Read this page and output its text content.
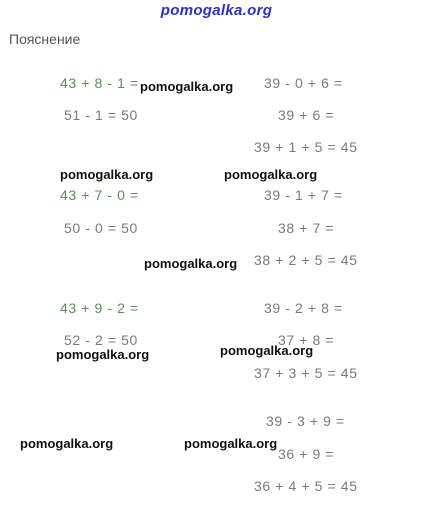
pomogalka.org
Пояснение
43 + 8 - 1 =
51 - 1 = 50
43 + 7 - 0 =
50 - 0 = 50
43 + 9 - 2 =
52 - 2 = 50
39 - 0 + 6 =
39 + 6 =
39 + 1 + 5 = 45
39 - 1 + 7 =
38 + 7 =
38 + 2 + 5 = 45
39 - 2 + 8 =
37 + 8 =
37 + 3 + 5 = 45
39 - 3 + 9 =
36 + 9 =
36 + 4 + 5 = 45
pomogalka.org
pomogalka.org	pomogalka.org
pomogalka.org
pomogalka.org	pomogalka.org
pomogalka.org	pomogalka.org
